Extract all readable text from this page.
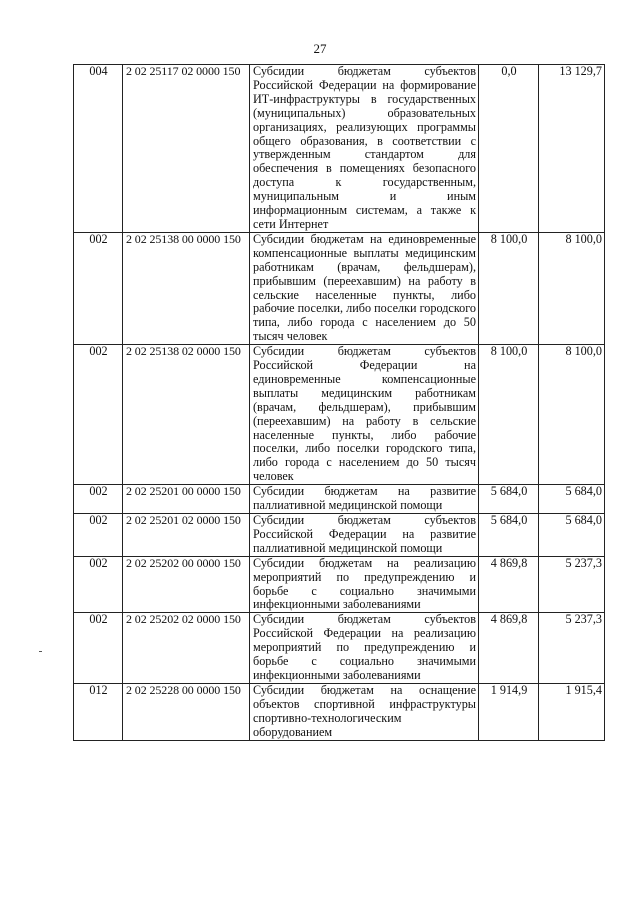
27
004	2 02 25117 02 0000 150	Субсидии бюджетам субъектов Российской Федерации на формирование ИТ-инфраструктуры в государственных (муниципальных) образовательных организациях, реализующих программы общего образования, в соответствии с утвержденным стандартом для обеспечения в помещениях безопасного доступа к государственным, муниципальным и иным информационным системам, а также к сети Интернет	0,0	13 129,7
002	2 02 25138 00 0000 150	Субсидии бюджетам на единовременные компенсационные выплаты медицинским работникам (врачам, фельдшерам), прибывшим (переехавшим) на работу в сельские населенные пункты, либо рабочие поселки, либо поселки городского типа, либо города с населением до 50 тысяч человек	8 100,0	8 100,0
002	2 02 25138 02 0000 150	Субсидии бюджетам субъектов Российской Федерации на единовременные компенсационные выплаты медицинским работникам (врачам, фельдшерам), прибывшим (переехавшим) на работу в сельские населенные пункты, либо рабочие поселки, либо поселки городского типа, либо города с населением до 50 тысяч человек	8 100,0	8 100,0
002	2 02 25201 00 0000 150	Субсидии бюджетам на развитие паллиативной медицинской помощи	5 684,0	5 684,0
002	2 02 25201 02 0000 150	Субсидии бюджетам субъектов Российской Федерации на развитие паллиативной медицинской помощи	5 684,0	5 684,0
002	2 02 25202 00 0000 150	Субсидии бюджетам на реализацию мероприятий по предупреждению и борьбе с социально значимыми инфекционными заболеваниями	4 869,8	5 237,3
002	2 02 25202 02 0000 150	Субсидии бюджетам субъектов Российской Федерации на реализацию мероприятий по предупреждению и борьбе с социально значимыми инфекционными заболеваниями	4 869,8	5 237,3
012	2 02 25228 00 0000 150	Субсидии бюджетам на оснащение объектов спортивной инфраструктуры спортивно-технологическим оборудованием	1 914,9	1 915,4
